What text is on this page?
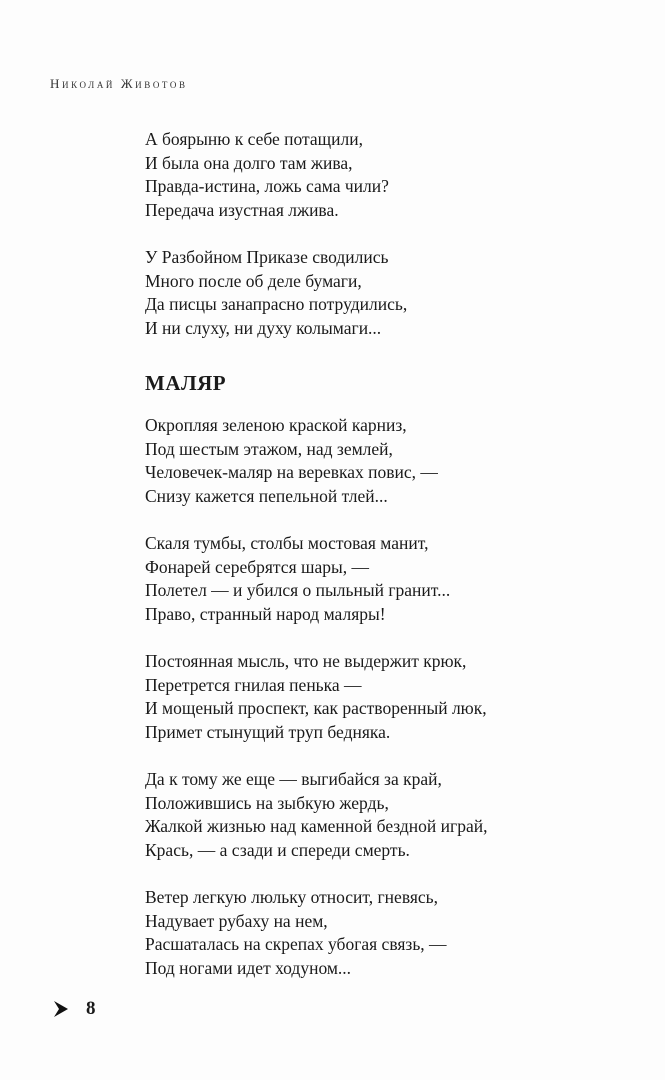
Николай Животов
А боярыню к себе потащили,
И была она долго там жива,
Правда-истина, ложь сама чили?
Передача изустная лжива.
У Разбойном Приказе сводились
Много после об деле бумаги,
Да писцы занапрасно потрудились,
И ни слуху, ни духу колымаги...
МАЛЯР
Окропляя зеленою краской карниз,
Под шестым этажом, над землей,
Человечек-маляр на веревках повис, —
Снизу кажется пепельной тлей...
Скаля тумбы, столбы мостовая манит,
Фонарей серебрятся шары, —
Полетел — и убился о пыльный гранит...
Право, странный народ маляры!
Постоянная мысль, что не выдержит крюк,
Перетрется гнилая пенька —
И мощеный проспект, как растворенный люк,
Примет стынущий труп бедняка.
Да к тому же еще — выгибайся за край,
Положившись на зыбкую жердь,
Жалкой жизнью над каменной бездной играй,
Крась, — а сзади и спереди смерть.
Ветер легкую люльку относит, гневясь,
Надувает рубаху на нем,
Расшаталась на скрепах убогая связь, —
Под ногами идет ходуном...
8
